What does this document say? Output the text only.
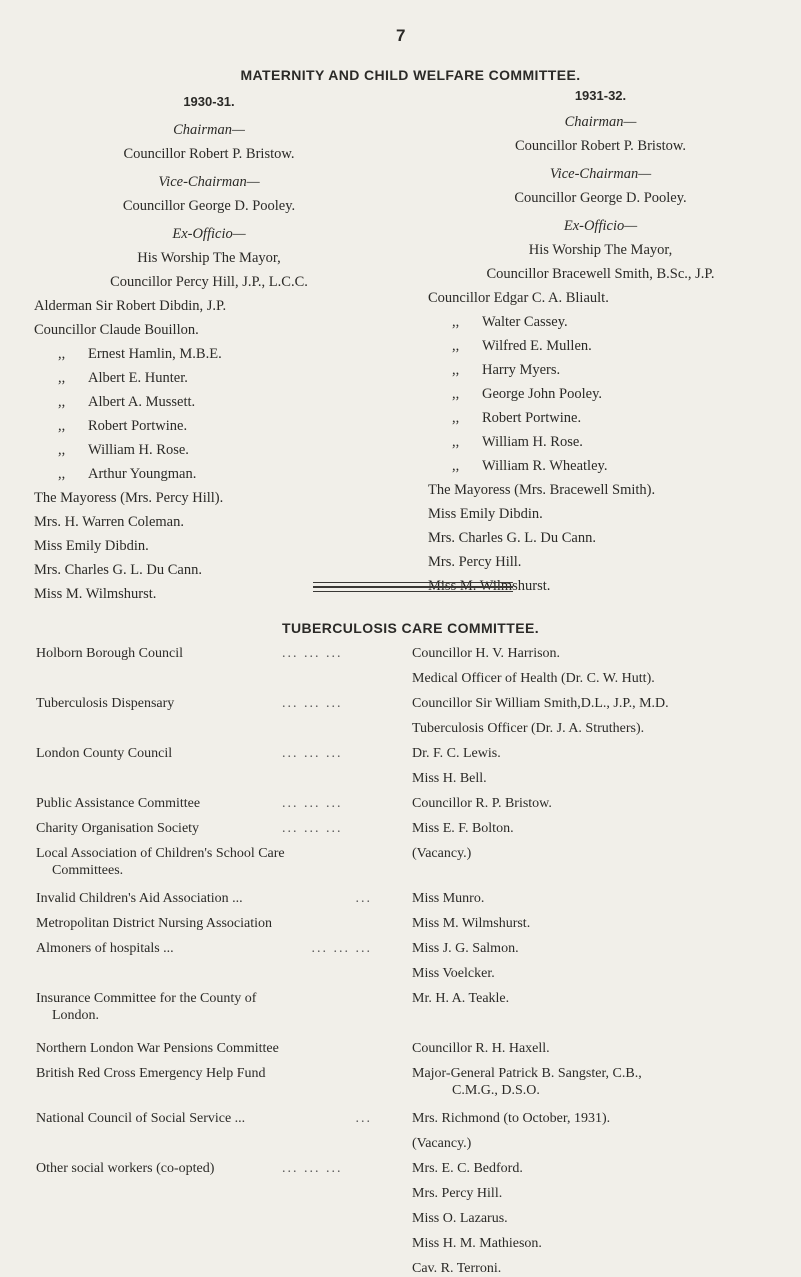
7
MATERNITY AND CHILD WELFARE COMMITTEE.
1930-31.
Chairman—
Councillor Robert P. Bristow.
Vice-Chairman—
Councillor George D. Pooley.
Ex-Officio—
His Worship The Mayor,
Councillor Percy Hill, J.P., L.C.C.
Alderman Sir Robert Dibdin, J.P.
Councillor Claude Bouillon.
,, Ernest Hamlin, M.B.E.
,, Albert E. Hunter.
,, Albert A. Mussett.
,, Robert Portwine.
,, William H. Rose.
,, Arthur Youngman.
The Mayoress (Mrs. Percy Hill).
Mrs. H. Warren Coleman.
Miss Emily Dibdin.
Mrs. Charles G. L. Du Cann.
Miss M. Wilmshurst.
1931-32.
Chairman—
Councillor Robert P. Bristow.
Vice-Chairman—
Councillor George D. Pooley.
Ex-Officio—
His Worship The Mayor,
Councillor Bracewell Smith, B.Sc., J.P.
Councillor Edgar C. A. Bliault.
,, Walter Cassey.
,, Wilfred E. Mullen.
,, Harry Myers.
,, George John Pooley.
,, Robert Portwine.
,, William H. Rose.
,, William R. Wheatley.
The Mayoress (Mrs. Bracewell Smith).
Miss Emily Dibdin.
Mrs. Charles G. L. Du Cann.
Mrs. Percy Hill.
Miss M. Wilmshurst.
TUBERCULOSIS CARE COMMITTEE.
Holborn Borough Council	... ... ...	Councillor H. V. Harrison.
Medical Officer of Health (Dr. C. W. Hutt).
Tuberculosis Dispensary	... ... ...	Councillor Sir William Smith,D.L., J.P., M.D.
Tuberculosis Officer (Dr. J. A. Struthers).
London County Council	... ... ...	Dr. F. C. Lewis.
Miss H. Bell.
Public Assistance Committee	... ... ...	Councillor R. P. Bristow.
Charity Organisation Society	... ... ...	Miss E. F. Bolton.
Local Association of Children's School Care
Committees.
(Vacancy.)
Invalid Children's Aid Association ...	...	Miss Munro.
Metropolitan District Nursing Association	Miss M. Wilmshurst.
Almoners of hospitals ...	... ... ...	Miss J. G. Salmon.
Miss Voelcker.
Insurance Committee for the County of
London.
Mr. H. A. Teakle.
Northern London War Pensions Committee	Councillor R. H. Haxell.
British Red Cross Emergency Help Fund	Major-General Patrick B. Sangster, C.B.,
C.M.G., D.S.O.
National Council of Social Service ...	...	Mrs. Richmond (to October, 1931).
(Vacancy.)
Other social workers (co-opted)	... ... ...	Mrs. E. C. Bedford.
Mrs. Percy Hill.
Miss O. Lazarus.
Miss H. M. Mathieson.
Cav. R. Terroni.
